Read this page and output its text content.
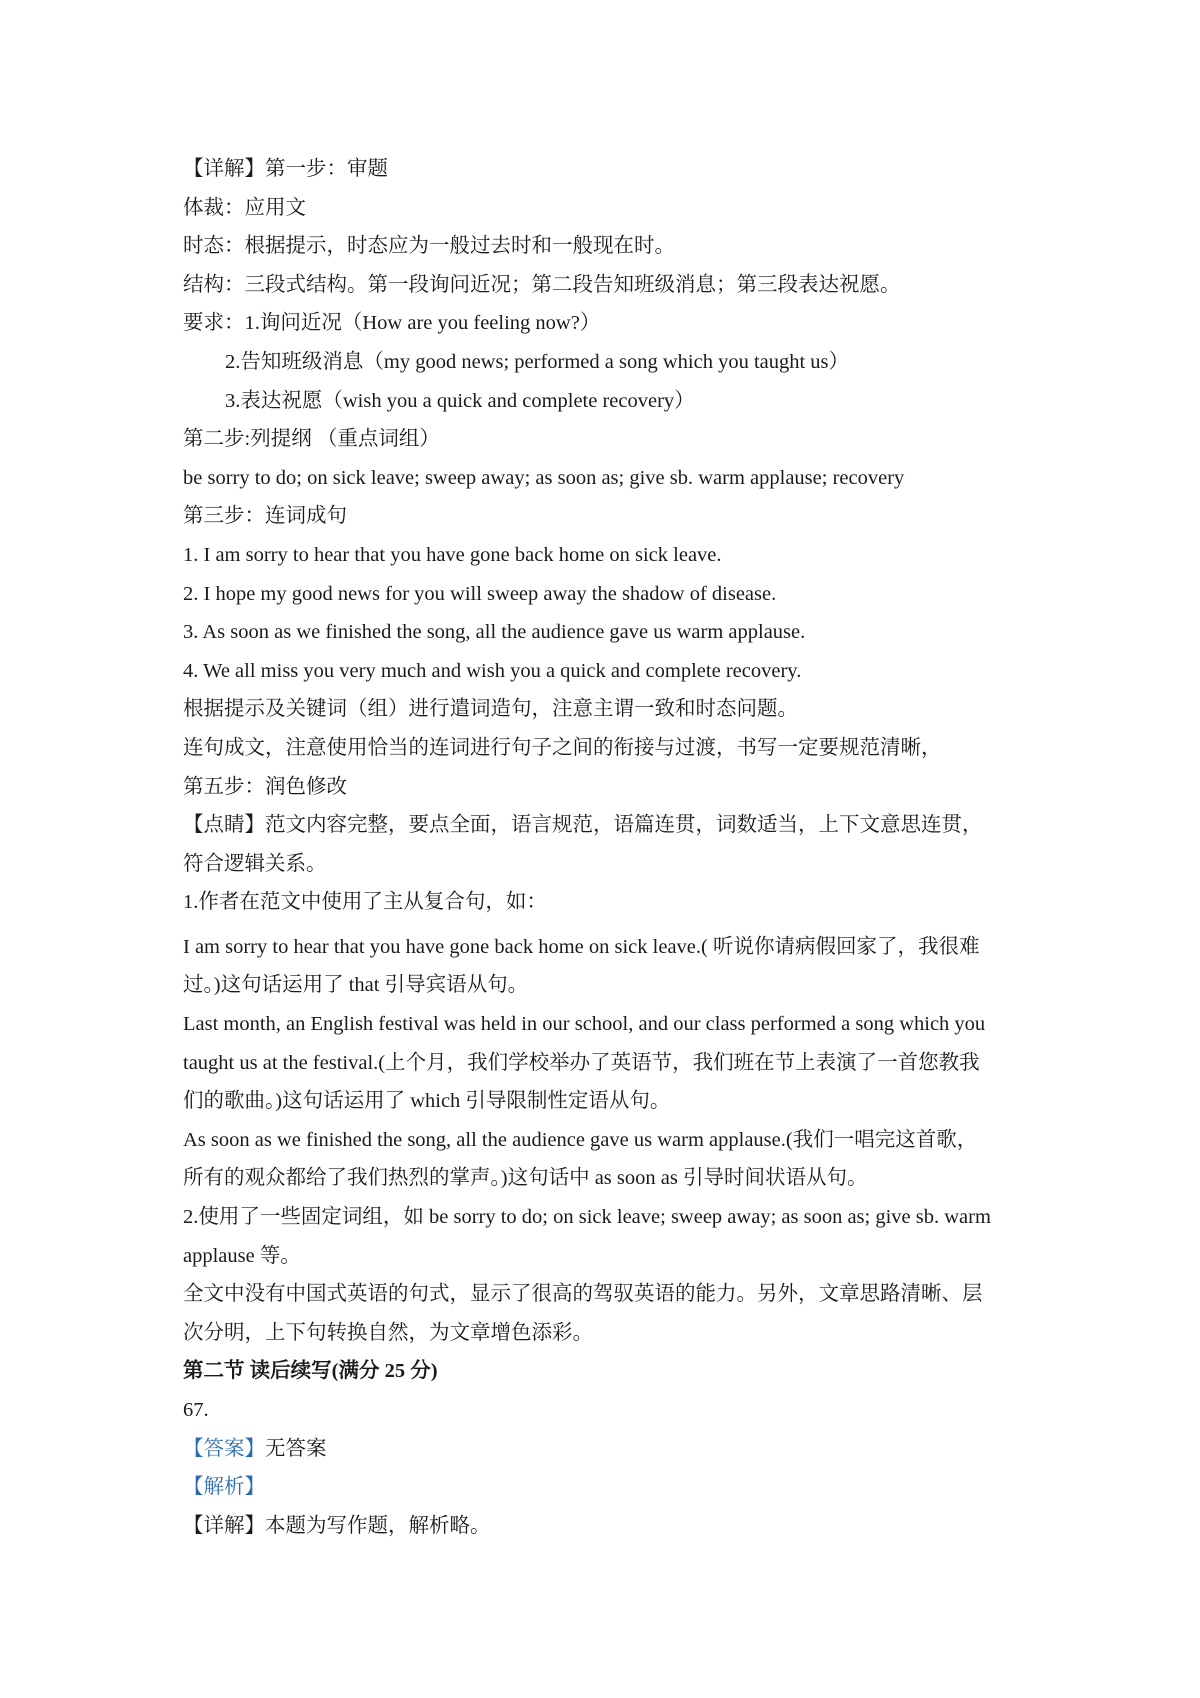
【详解】第一步：审题
体裁：应用文
时态：根据提示，时态应为一般过去时和一般现在时。
结构：三段式结构。第一段询问近况；第二段告知班级消息；第三段表达祝愿。
要求：1.询问近况（How are you feeling now?）
2.告知班级消息（my good news; performed a song which you taught us）
3.表达祝愿（wish you a quick and complete recovery）
第二步:列提纲 （重点词组）
be sorry to do; on sick leave; sweep away; as soon as; give sb. warm applause; recovery
第三步：连词成句
1. I am sorry to hear that you have gone back home on sick leave.
2. I hope my good news for you will sweep away the shadow of disease.
3. As soon as we finished the song, all the audience gave us warm applause.
4. We all miss you very much and wish you a quick and complete recovery.
根据提示及关键词（组）进行遣词造句，注意主谓一致和时态问题。
连句成文，注意使用恰当的连词进行句子之间的衔接与过渡，书写一定要规范清晰，
第五步：润色修改
【点睛】范文内容完整，要点全面，语言规范，语篇连贯，词数适当，上下文意思连贯，
符合逻辑关系。
1.作者在范文中使用了主从复合句，如：
I am sorry to hear that you have gone back home on sick leave.( 听说你请病假回家了，我很难
过。)这句话运用了 that 引导宾语从句。
Last month, an English festival was held in our school, and our class performed a song which you
taught us at the festival.(上个月，我们学校举办了英语节，我们班在节上表演了一首您教我
们的歌曲。)这句话运用了 which 引导限制性定语从句。
As soon as we finished the song, all the audience gave us warm applause.(我们一唱完这首歌，
所有的观众都给了我们热烈的掌声。)这句话中 as soon as 引导时间状语从句。
2.使用了一些固定词组，如 be sorry to do; on sick leave; sweep away; as soon as; give sb. warm
applause 等。
全文中没有中国式英语的句式，显示了很高的驾驭英语的能力。另外，文章思路清晰、层
次分明，上下句转换自然，为文章增色添彩。
第二节 读后续写(满分 25 分)
67.
【答案】无答案
【解析】
【详解】本题为写作题，解析略。
